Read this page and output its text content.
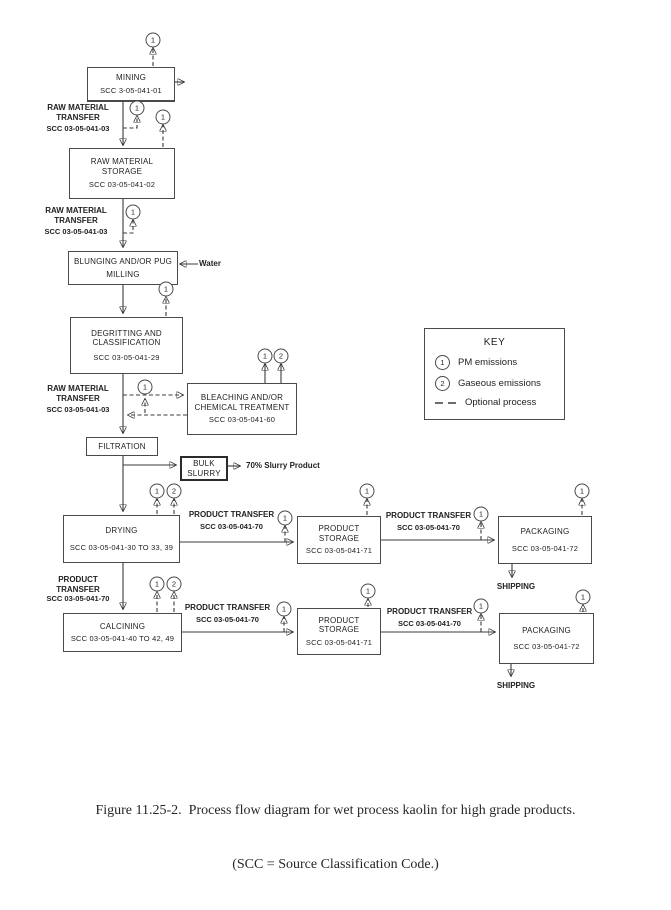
MINING
SCC 3-05-041-01
RAW MATERIAL
STORAGE
SCC 03-05-041-02
BLUNGING AND/OR PUG
MILLING
DEGRITTING AND
CLASSIFICATION
SCC 03-05-041-29
BLEACHING AND/OR
CHEMICAL TREATMENT
SCC 03-05-041-60
FILTRATION
BULK
SLURRY
DRYING
SCC 03-05-041-30 TO 33, 39
PRODUCT
STORAGE
SCC 03-05-041-71
PACKAGING
SCC 03-05-041-72
CALCINING
SCC 03-05-041-40 TO 42, 49
PRODUCT
STORAGE
SCC 03-05-041-71
PACKAGING
SCC 03-05-041-72
RAW MATERIAL
TRANSFER
SCC 03-05-041-03
RAW MATERIAL
TRANSFER
SCC 03-05-041-03
RAW MATERIAL
TRANSFER
SCC 03-05-041-03
PRODUCT TRANSFER
SCC 03-05-041-70
PRODUCT TRANSFER
SCC 03-05-041-70
PRODUCT
TRANSFER
SCC 03-05-041-70
PRODUCT TRANSFER
SCC 03-05-041-70
PRODUCT TRANSFER
SCC 03-05-041-70
Water
70% Slurry Product
SHIPPING
SHIPPING
1
1
1
1
1
1	2
1
1	2
1
1
1
1
1	2
1
1
1
1
KEY
1	PM emissions
2	Gaseous emissions
Optional process

Figure 11.25-2.  Process flow diagram for wet process kaolin for high grade products.

(SCC = Source Classification Code.)
